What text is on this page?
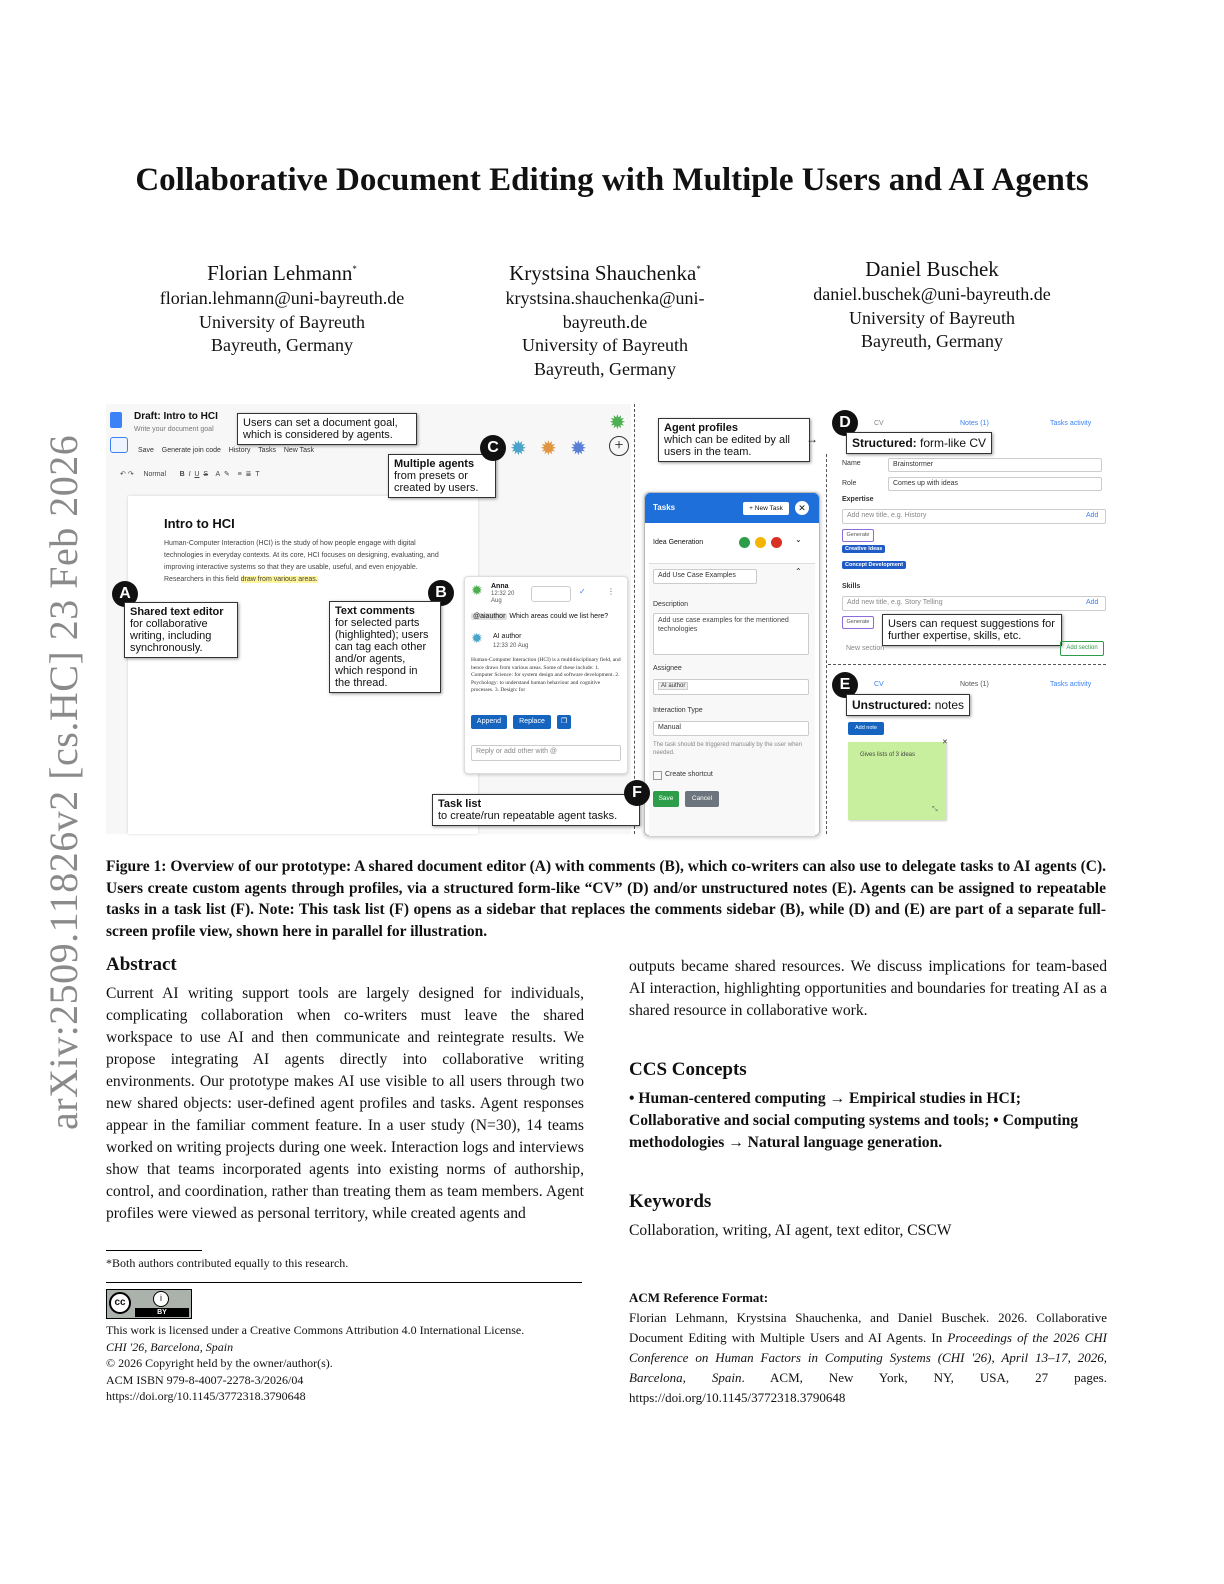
arXiv:2509.11826v2 [cs.HC] 23 Feb 2026
Collaborative Document Editing with Multiple Users and AI Agents
Florian Lehmann*
florian.lehmann@uni-bayreuth.de
University of Bayreuth
Bayreuth, Germany
Krystsina Shauchenka*
krystsina.shauchenka@uni-bayreuth.de
University of Bayreuth
Bayreuth, Germany
Daniel Buschek
daniel.buschek@uni-bayreuth.de
University of Bayreuth
Bayreuth, Germany
Draft: Intro to HCI
Write your document goal
Save Generate join code History Tasks New Task
↶ ↷ Normal B I U S A ✎ ≡ ≣ T
Intro to HCI
Human-Computer Interaction (HCI) is the study of how people engage with digital technologies in everyday contexts. At its core, HCI focuses on designing, evaluating, and improving interactive systems so that they are usable, useful, and even enjoyable. Researchers in this field draw from various areas.
Users can set a document goal, which is considered by agents.
Multiple agents
from presets or created by users.
C ✹ ✹ ✹
✹
+
A
Shared text editor
for collaborative writing, including synchronously.
B
Text comments
for selected parts (highlighted); users can tag each other and/or agents, which respond in the thread.
✹ Anna
12:32 20 Aug
✓	⋮
@aiauthor Which areas could we list here?
✹ AI author
12:33 20 Aug
Human-Computer Interaction (HCI) is a multidisciplinary field, and hence draws from various areas. Some of these include: 1. Computer Science: for system design and software development. 2. Psychology: to understand human behaviour and cognitive processes. 3. Design: for
Append	Replace	❐
Reply or add other with @
Agent profiles
which can be edited by all users in the team.
→
Tasks	+ New Task	✕
Idea Generation	⌄
Add Use Case Examples	⌃
Description
Add use case examples for the mentioned technologies
Assignee
AI author
Interaction Type
Manual
The task should be triggered manually by the user when needed.
Create shortcut
Save	Cancel
Task list
to create/run repeatable agent tasks.
F
D	CV	Notes (1)	Tasks activity
Structured: form-like CV
Name	Brainstormer
Role	Comes up with ideas
Expertise
Add new title, e.g. History	Add
Generate
Creative Ideas
Concept Development
Skills
Add new title, e.g. Story Telling	Add
Generate	Users can request suggestions for further expertise, skills, etc.
New section	Add section
E	CV	Notes (1)	Tasks activity
Unstructured: notes
Add note
Gives lists of 3 ideas
✕
⤡
Figure 1: Overview of our prototype: A shared document editor (A) with comments (B), which co-writers can also use to delegate tasks to AI agents (C). Users create custom agents through profiles, via a structured form-like “CV” (D) and/or unstructured notes (E). Agents can be assigned to repeatable tasks in a task list (F). Note: This task list (F) opens as a sidebar that replaces the comments sidebar (B), while (D) and (E) are part of a separate full-screen profile view, shown here in parallel for illustration.
Abstract
Current AI writing support tools are largely designed for individuals, complicating collaboration when co-writers must leave the shared workspace to use AI and then communicate and reintegrate results. We propose integrating AI agents directly into collaborative writing environments. Our prototype makes AI use visible to all users through two new shared objects: user-defined agent profiles and tasks. Agent responses appear in the familiar comment feature. In a user study (N=30), 14 teams worked on writing projects during one week. Interaction logs and interviews show that teams incorporated agents into existing norms of authorship, control, and coordination, rather than treating them as team members. Agent profiles were viewed as personal territory, while created agents and
*Both authors contributed equally to this research.
cc	i
BY
This work is licensed under a Creative Commons Attribution 4.0 International License.
CHI '26, Barcelona, Spain
© 2026 Copyright held by the owner/author(s).
ACM ISBN 979-8-4007-2278-3/2026/04
https://doi.org/10.1145/3772318.3790648
outputs became shared resources. We discuss implications for team-based AI interaction, highlighting opportunities and boundaries for treating AI as a shared resource in collaborative work.
CCS Concepts
• Human-centered computing → Empirical studies in HCI; Collaborative and social computing systems and tools; • Computing methodologies → Natural language generation.
Keywords
Collaboration, writing, AI agent, text editor, CSCW
ACM Reference Format:
Florian Lehmann, Krystsina Shauchenka, and Daniel Buschek. 2026. Collaborative Document Editing with Multiple Users and AI Agents. In Proceedings of the 2026 CHI Conference on Human Factors in Computing Systems (CHI '26), April 13–17, 2026, Barcelona, Spain. ACM, New York, NY, USA, 27 pages. https://doi.org/10.1145/3772318.3790648
